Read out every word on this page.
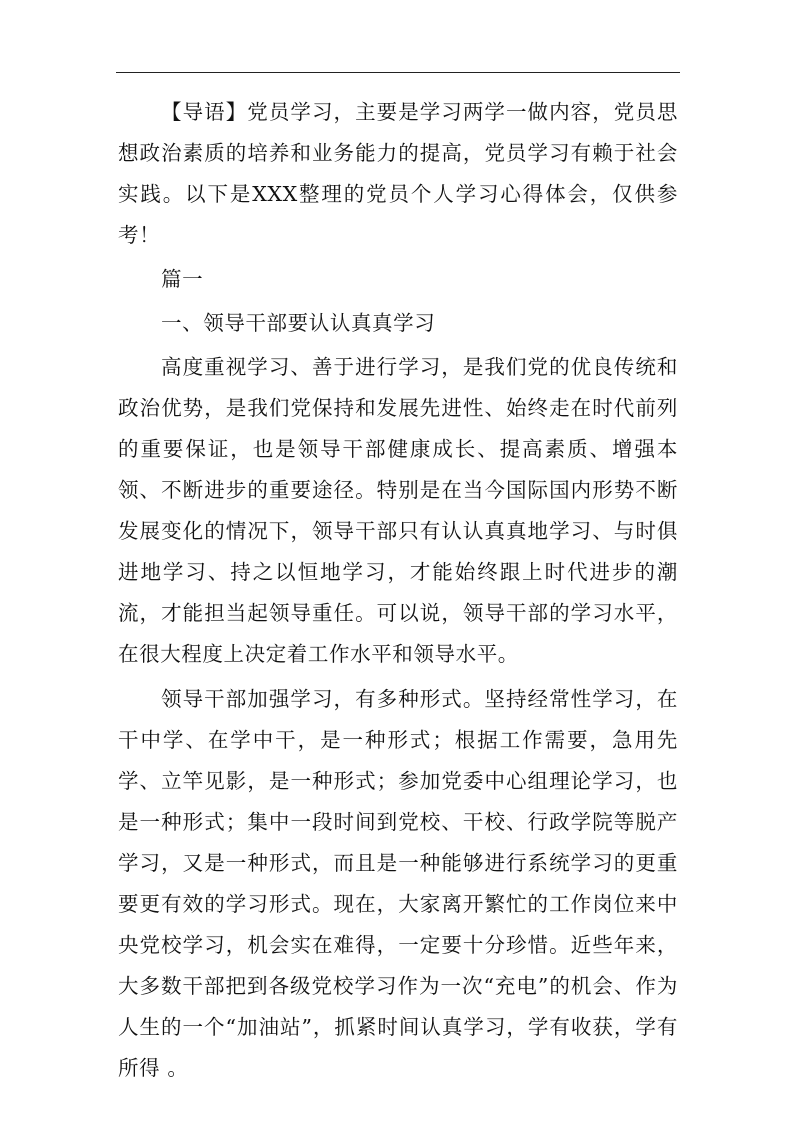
【导语】党员学习，主要是学习两学一做内容，党员思想政治素质的培养和业务能力的提高，党员学习有赖于社会实践。以下是XXX整理的党员个人学习心得体会，仅供参考！

篇一

一、领导干部要认认真真学习

高度重视学习、善于进行学习，是我们党的优良传统和政治优势，是我们党保持和发展先进性、始终走在时代前列的重要保证，也是领导干部健康成长、提高素质、增强本领、不断进步的重要途径。特别是在当今国际国内形势不断发展变化的情况下，领导干部只有认认真真地学习、与时俱进地学习、持之以恒地学习，才能始终跟上时代进步的潮流，才能担当起领导重任。可以说，领导干部的学习水平，在很大程度上决定着工作水平和领导水平。

领导干部加强学习，有多种形式。坚持经常性学习，在干中学、在学中干，是一种形式；根据工作需要，急用先学、立竿见影，是一种形式；参加党委中心组理论学习，也是一种形式；集中一段时间到党校、干校、行政学院等脱产学习，又是一种形式，而且是一种能够进行系统学习的更重要更有效的学习形式。现在，大家离开繁忙的工作岗位来中央党校学习，机会实在难得，一定要十分珍惜。近些年来，大多数干部把到各级党校学习作为一次“充电”的机会、作为人生的一个“加油站”，抓紧时间认真学习，学有收获，学有所得 。
